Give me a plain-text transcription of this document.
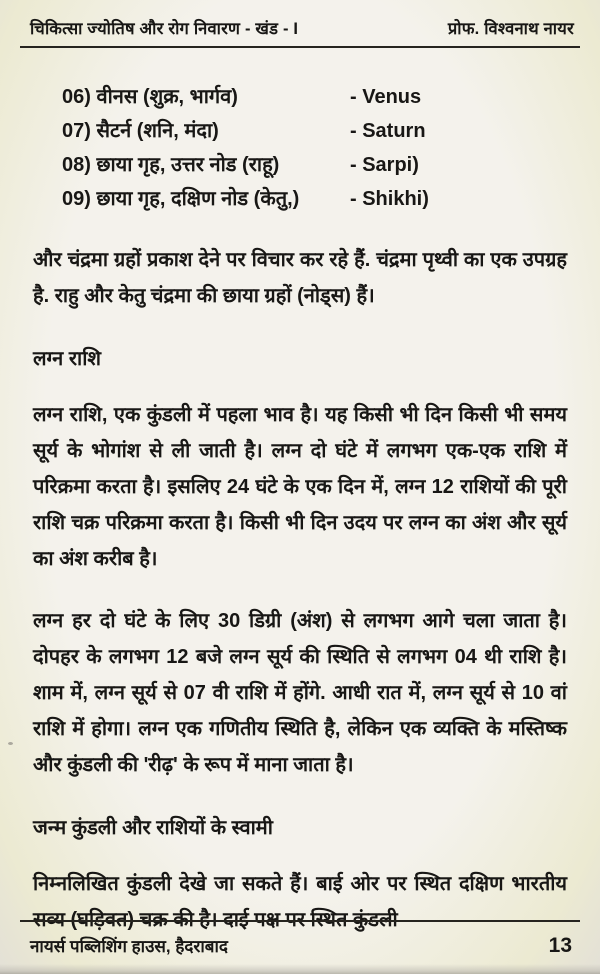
चिकित्सा ज्योतिष और रोग निवारण - खंड - I	प्रोफ. विश्वनाथ नायर
06) वीनस (शुक्र, भार्गव)	- Venus
07) सैटर्न (शनि, मंदा)	- Saturn
08) छाया गृह, उत्तर नोड (राहू)	- Sarpi)
09) छाया गृह, दक्षिण नोड (केतु,)	- Shikhi)

और चंद्रमा ग्रहों प्रकाश देने पर विचार कर रहे हैं. चंद्रमा पृथ्वी का एक उपग्रह है. राहु और केतु चंद्रमा की छाया ग्रहों (नोड्स) हैं।

लग्न राशि

लग्न राशि, एक कुंडली में पहला भाव है। यह किसी भी दिन किसी भी समय सूर्य के भोगांश से ली जाती है। लग्न दो घंटे में लगभग एक-एक राशि में परिक्रमा करता है। इसलिए 24 घंटे के एक दिन में, लग्न 12 राशियों की पूरी राशि चक्र परिक्रमा करता है। किसी भी दिन उदय पर लग्न का अंश और सूर्य का अंश करीब है।

लग्न हर दो घंटे के लिए 30 डिग्री (अंश) से लगभग आगे चला जाता है। दोपहर के लगभग 12 बजे लग्न सूर्य की स्थिति से लगभग 04 थी राशि है। शाम में, लग्न सूर्य से 07 वी राशि में होंगे. आधी रात में, लग्न सूर्य से 10 वां राशि में होगा। लग्न एक गणितीय स्थिति है, लेकिन एक व्यक्ति के मस्तिष्क और कुंडली की 'रीढ़' के रूप में माना जाता है।

जन्म कुंडली और राशियों के स्वामी

निम्नलिखित कुंडली देखे जा सकते हैं। बाई ओर पर स्थित दक्षिण भारतीय सव्य (घड़िवत) चक्र की है। दाई पक्ष पर स्थित कुंडली

नायर्स पब्लिशिंग हाउस, हैदराबाद	13
